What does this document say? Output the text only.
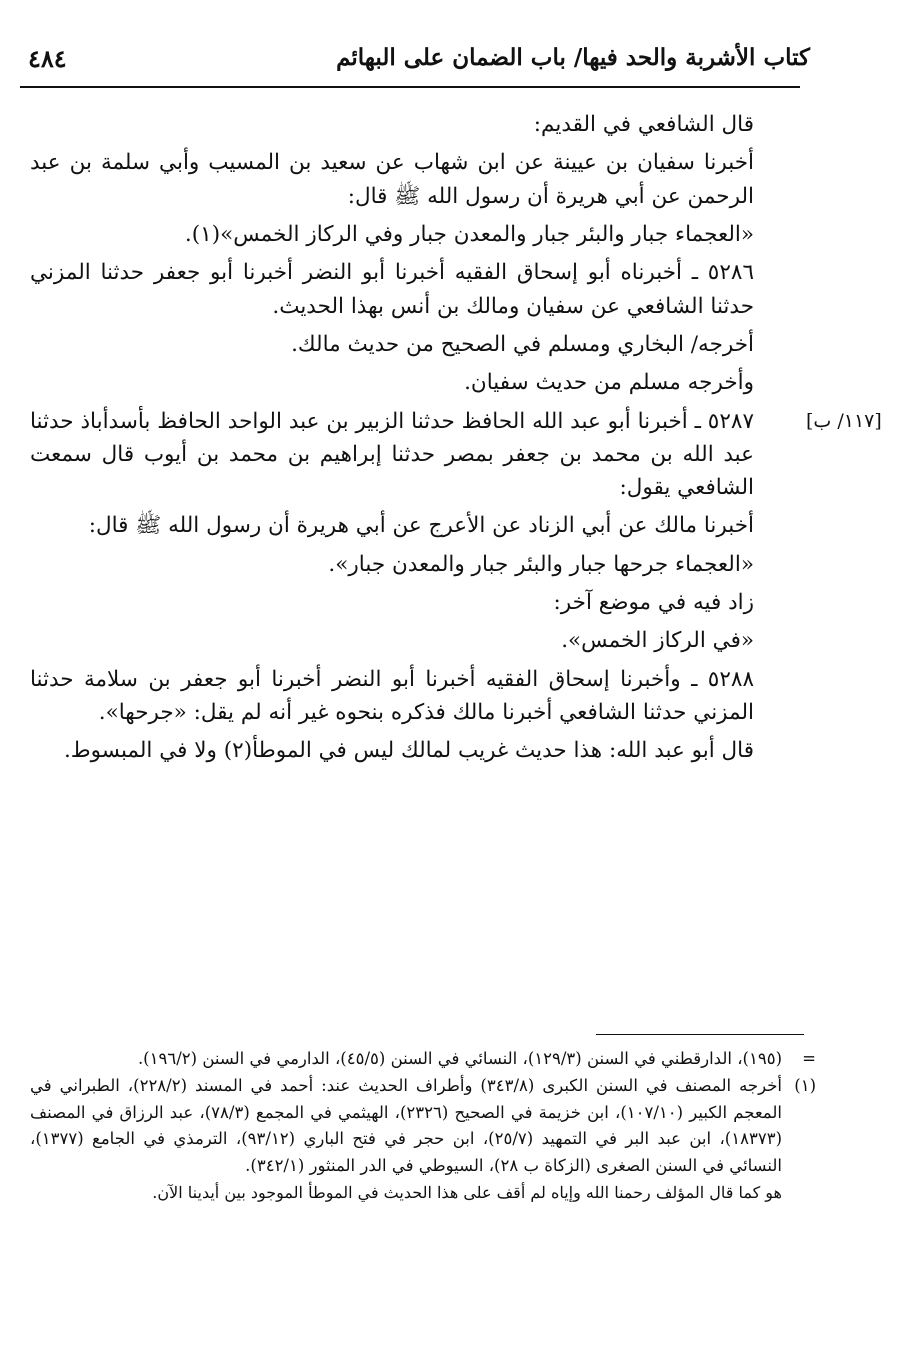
كتاب الأشربة والحد فيها/ باب الضمان على البهائم
٤٨٤
[١١٧/ ب]

قال الشافعي في القديم:

أخبرنا سفيان بن عيينة عن ابن شهاب عن سعيد بن المسيب وأبي سلمة بن عبد الرحمن عن أبي هريرة أن رسول الله ﷺ قال:

«العجماء جبار والبئر جبار والمعدن جبار وفي الركاز الخمس»(١).

٥٢٨٦ ـ أخبرناه أبو إسحاق الفقيه أخبرنا أبو النضر أخبرنا أبو جعفر حدثنا المزني حدثنا الشافعي عن سفيان ومالك بن أنس بهذا الحديث.

أخرجه/ البخاري ومسلم في الصحيح من حديث مالك.

وأخرجه مسلم من حديث سفيان.

٥٢٨٧ ـ أخبرنا أبو عبد الله الحافظ حدثنا الزبير بن عبد الواحد الحافظ بأسدأباذ حدثنا عبد الله بن محمد بن جعفر بمصر حدثنا إبراهيم بن محمد بن أيوب قال سمعت الشافعي يقول:

أخبرنا مالك عن أبي الزناد عن الأعرج عن أبي هريرة أن رسول الله ﷺ قال:

«العجماء جرحها جبار والبئر جبار والمعدن جبار».

زاد فيه في موضع آخر:

«في الركاز الخمس».

٥٢٨٨ ـ وأخبرنا إسحاق الفقيه أخبرنا أبو النضر أخبرنا أبو جعفر بن سلامة حدثنا المزني حدثنا الشافعي أخبرنا مالك فذكره بنحوه غير أنه لم يقل: «جرحها».

قال أبو عبد الله: هذا حديث غريب لمالك ليس في الموطأ(٢) ولا في المبسوط.

=
(١٩٥)، الدارقطني في السنن (١٢٩/٣)، النسائي في السنن (٤٥/٥)، الدارمي في السنن (١٩٦/٢).
(١)
أخرجه المصنف في السنن الكبرى (٣٤٣/٨) وأطراف الحديث عند: أحمد في المسند (٢٢٨/٢)، الطبراني في المعجم الكبير (١٠٧/١٠)، ابن خزيمة في الصحيح (٢٣٢٦)، الهيثمي في المجمع (٧٨/٣)، عبد الرزاق في المصنف (١٨٣٧٣)، ابن عبد البر في التمهيد (٢٥/٧)، ابن حجر في فتح الباري (٩٣/١٢)، الترمذي في الجامع (١٣٧٧)، النسائي في السنن الصغرى (الزكاة ب ٢٨)، السيوطي في الدر المنثور (٣٤٢/١).
هو كما قال المؤلف رحمنا الله وإياه لم أقف على هذا الحديث في الموطأ الموجود بين أيدينا الآن.
